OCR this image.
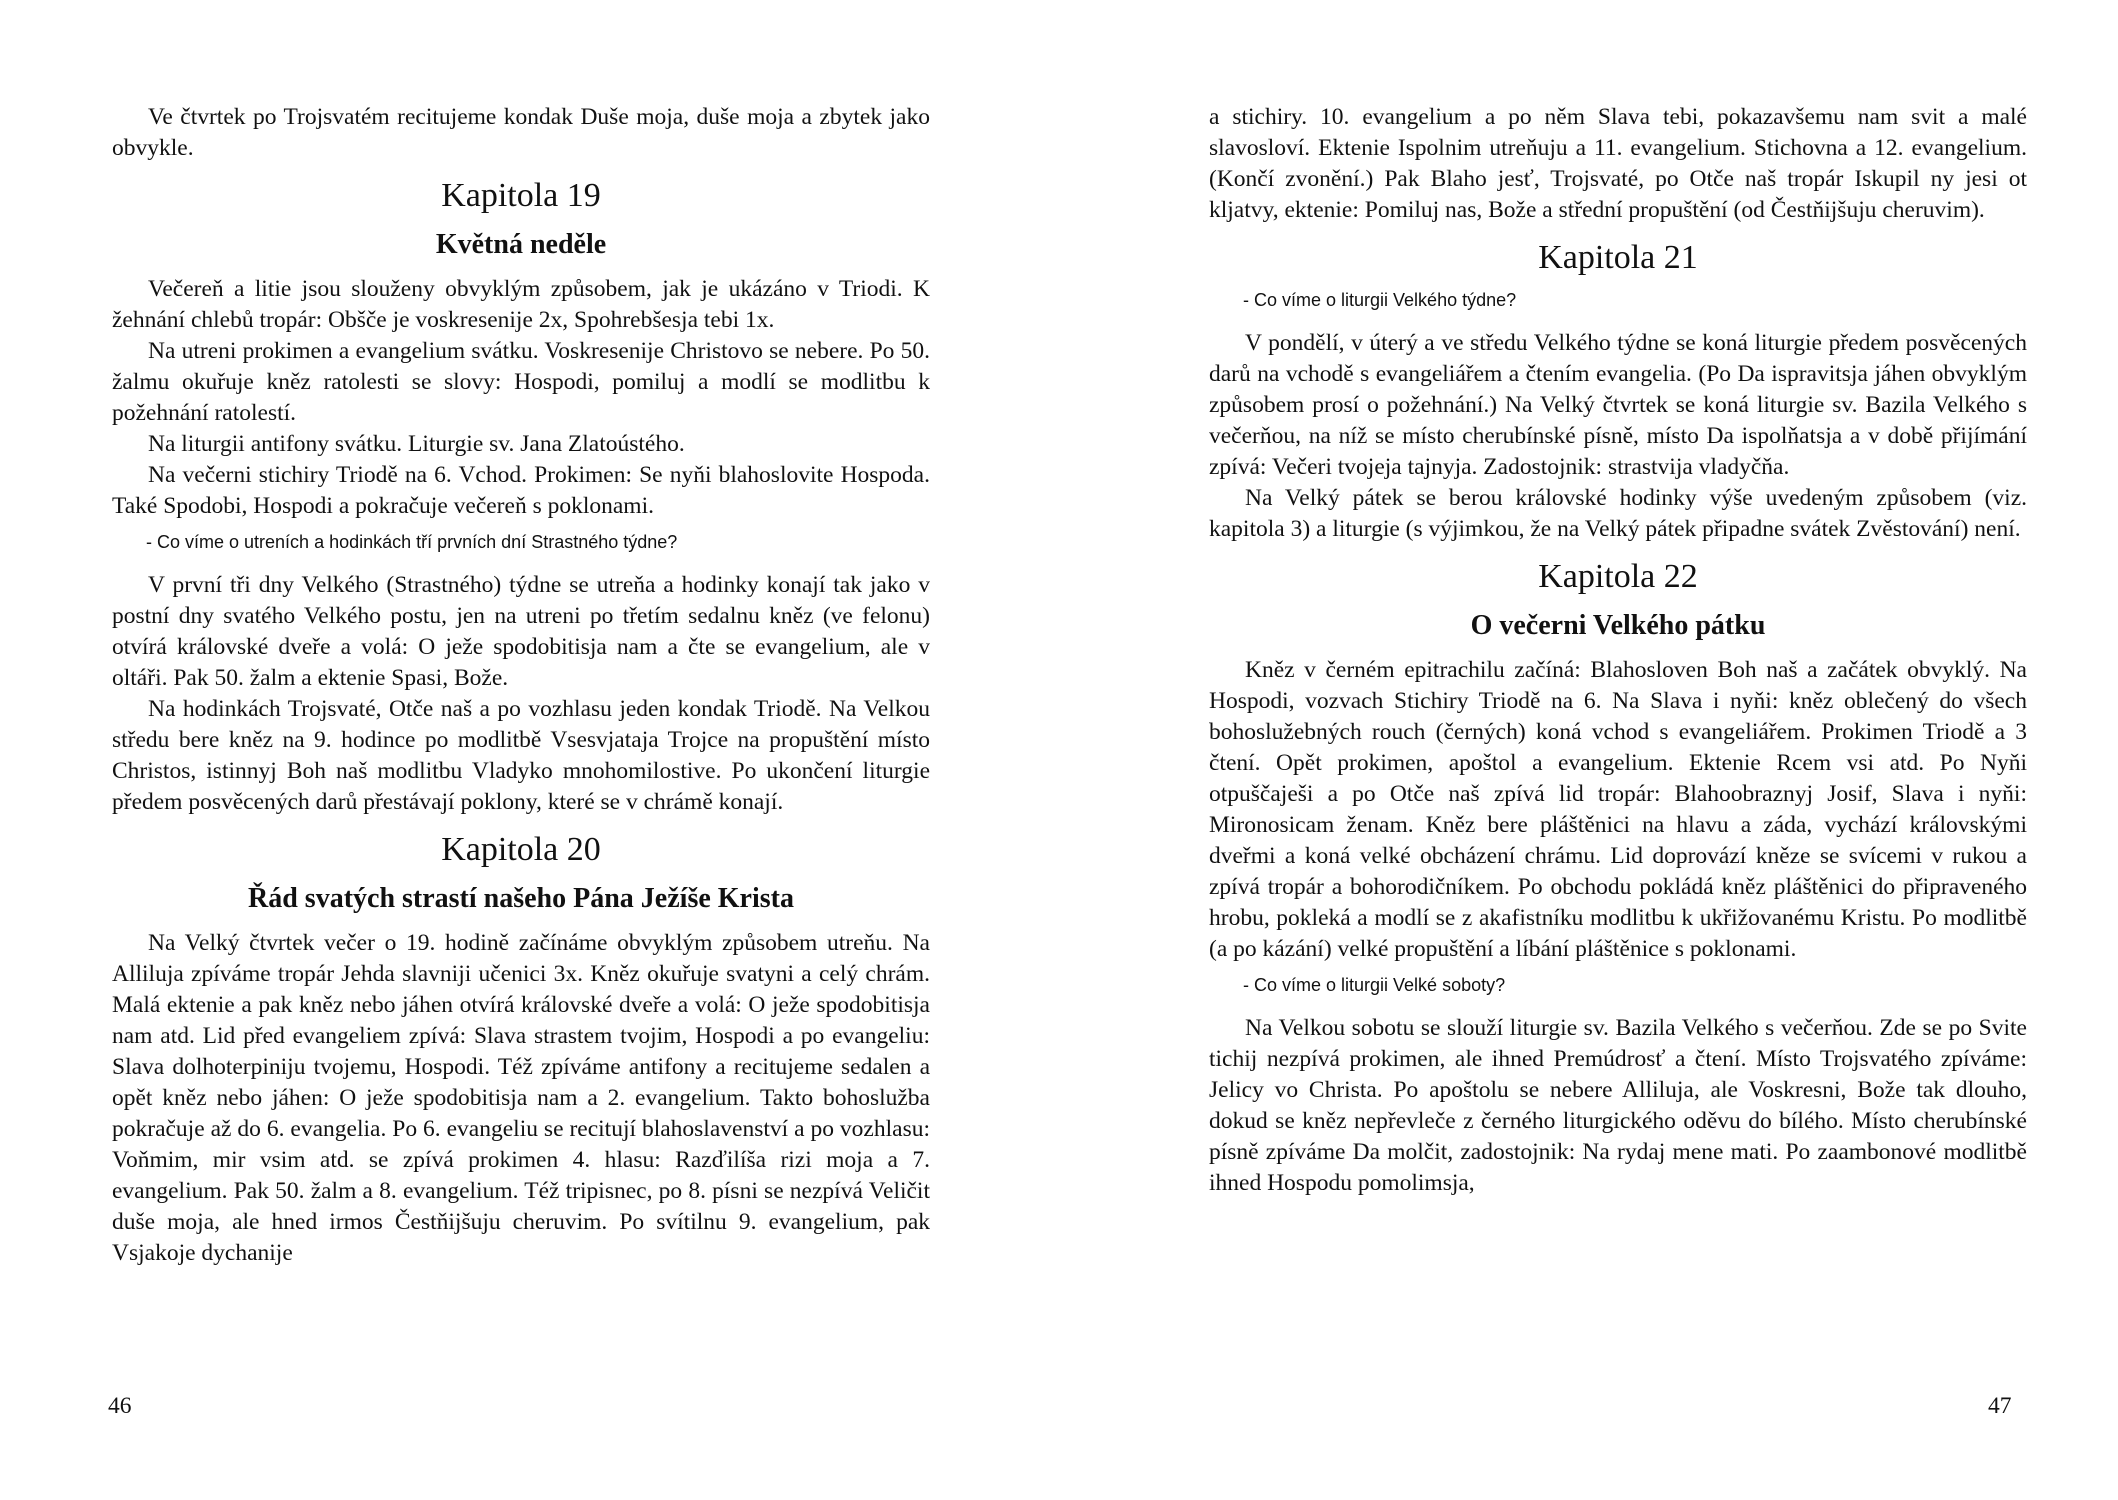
Ve čtvrtek po Trojsvatém recitujeme kondak Duše moja, duše moja a zbytek jako obvykle.

Kapitola 19
Květná neděle

Večereň a litie jsou slouženy obvyklým způsobem, jak je ukázáno v Triodi. K žehnání chlebů tropár: Obšče je voskresenije 2x, Spohrebšesja tebi 1x.

Na utreni prokimen a evangelium svátku. Voskresenije Christovo se nebere. Po 50. žalmu okuřuje kněz ratolesti se slovy: Hospodi, pomiluj a modlí se modlitbu k požehnání ratolestí.

Na liturgii antifony svátku. Liturgie sv. Jana Zlatoústého.

Na večerni stichiry Triodě na 6. Vchod. Prokimen: Se nyňi blahoslovite Hospoda. Také Spodobi, Hospodi a pokračuje večereň s poklonami.

- Co víme o utreních a hodinkách tří prvních dní Strastného týdne?

V první tři dny Velkého (Strastného) týdne se utreňa a hodinky konají tak jako v postní dny svatého Velkého postu, jen na utreni po třetím sedalnu kněz (ve felonu) otvírá královské dveře a volá: O ježe spodobitisja nam a čte se evangelium, ale v oltáři. Pak 50. žalm a ektenie Spasi, Bože.

Na hodinkách Trojsvaté, Otče naš a po vozhlasu jeden kondak Triodě. Na Velkou středu bere kněz na 9. hodince po modlitbě Vsesvjataja Trojce na propuštění místo Christos, istinnyj Boh naš modlitbu Vladyko mnohomilostive. Po ukončení liturgie předem posvěcených darů přestávají poklony, které se v chrámě konají.

Kapitola 20
Řád svatých strastí našeho Pána Ježíše Krista

Na Velký čtvrtek večer o 19. hodině začínáme obvyklým způsobem utreňu. Na Alliluja zpíváme tropár Jehda slavniji učenici 3x. Kněz okuřuje svatyni a celý chrám. Malá ektenie a pak kněz nebo jáhen otvírá královské dveře a volá: O ježe spodobitisja nam atd. Lid před evangeliem zpívá: Slava strastem tvojim, Hospodi a po evangeliu: Slava dolhoterpiniju tvojemu, Hospodi. Též zpíváme antifony a recitujeme sedalen a opět kněz nebo jáhen: O ježe spodobitisja nam a 2. evangelium. Takto bohoslužba pokračuje až do 6. evangelia. Po 6. evangeliu se recitují blahoslavenství a po vozhlasu: Voňmim, mir vsim atd. se zpívá prokimen 4. hlasu: Razďilíša rizi moja a 7. evangelium. Pak 50. žalm a 8. evangelium. Též tripisnec, po 8. písni se nezpívá Veličit duše moja, ale hned irmos Čestňijšuju cheruvim. Po svítilnu 9. evangelium, pak Vsjakoje dychanije

a stichiry. 10. evangelium a po něm Slava tebi, pokazavšemu nam svit a malé slavosloví. Ektenie Ispolnim utreňuju a 11. evangelium. Stichovna a 12. evangelium. (Končí zvonění.) Pak Blaho jesť, Trojsvaté, po Otče naš tropár Iskupil ny jesi ot kljatvy, ektenie: Pomiluj nas, Bože a střední propuštění (od Čestňijšuju cheruvim).

Kapitola 21

- Co víme o liturgii Velkého týdne?

V pondělí, v úterý a ve středu Velkého týdne se koná liturgie předem posvěcených darů na vchodě s evangeliářem a čtením evangelia. (Po Da ispravitsja jáhen obvyklým způsobem prosí o požehnání.) Na Velký čtvrtek se koná liturgie sv. Bazila Velkého s večerňou, na níž se místo cherubínské písně, místo Da ispolňatsja a v době přijímání zpívá: Večeri tvojeja tajnyja. Zadostojnik: strastvija vladyčňa.

Na Velký pátek se berou královské hodinky výše uvedeným způsobem (viz. kapitola 3) a liturgie (s výjimkou, že na Velký pátek připadne svátek Zvěstování) není.

Kapitola 22
O večerni Velkého pátku

Kněz v černém epitrachilu začíná: Blahosloven Boh naš a začátek obvyklý. Na Hospodi, vozvach Stichiry Triodě na 6. Na Slava i nyňi: kněz oblečený do všech bohoslužebných rouch (černých) koná vchod s evangeliářem. Prokimen Triodě a 3 čtení. Opět prokimen, apoštol a evangelium. Ektenie Rcem vsi atd. Po Nyňi otpuščaješi a po Otče naš zpívá lid tropár: Blahoobraznyj Josif, Slava i nyňi: Mironosicam ženam. Kněz bere pláštěnici na hlavu a záda, vychází královskými dveřmi a koná velké obcházení chrámu. Lid doprovází kněze se svícemi v rukou a zpívá tropár a bohorodičníkem. Po obchodu pokládá kněz pláštěnici do připraveného hrobu, pokleká a modlí se z akafistníku modlitbu k ukřižovanému Kristu. Po modlitbě (a po kázání) velké propuštění a líbání pláštěnice s poklonami.

- Co víme o liturgii Velké soboty?

Na Velkou sobotu se slouží liturgie sv. Bazila Velkého s večerňou. Zde se po Svite tichij nezpívá prokimen, ale ihned Premúdrosť a čtení. Místo Trojsvatého zpíváme: Jelicy vo Christa. Po apoštolu se nebere Alliluja, ale Voskresni, Bože tak dlouho, dokud se kněz nepřevleče z černého liturgického oděvu do bílého. Místo cherubínské písně zpíváme Da molčit, zadostojnik: Na rydaj mene mati. Po zaambonové modlitbě ihned Hospodu pomolimsja,

46	47
